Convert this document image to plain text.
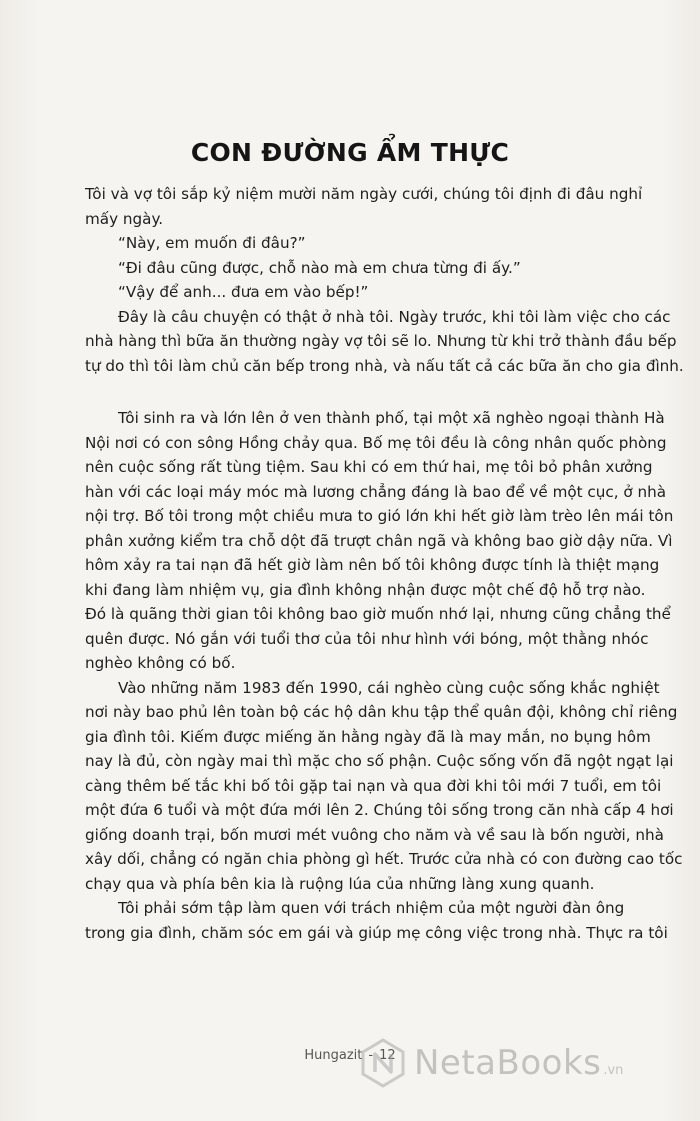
CON ĐƯỜNG ẨM THỰC
Tôi và vợ tôi sắp kỷ niệm mười năm ngày cưới, chúng tôi định đi đâu nghỉ
mấy ngày.
“Này, em muốn đi đâu?”
“Đi đâu cũng được, chỗ nào mà em chưa từng đi ấy.”
“Vậy để anh... đưa em vào bếp!”
Đây là câu chuyện có thật ở nhà tôi. Ngày trước, khi tôi làm việc cho các
nhà hàng thì bữa ăn thường ngày vợ tôi sẽ lo. Nhưng từ khi trở thành đầu bếp
tự do thì tôi làm chủ căn bếp trong nhà, và nấu tất cả các bữa ăn cho gia đình.
Tôi sinh ra và lớn lên ở ven thành phố, tại một xã nghèo ngoại thành Hà
Nội nơi có con sông Hồng chảy qua. Bố mẹ tôi đều là công nhân quốc phòng
nên cuộc sống rất tùng tiệm. Sau khi có em thứ hai, mẹ tôi bỏ phân xưởng
hàn với các loại máy móc mà lương chẳng đáng là bao để về một cục, ở nhà
nội trợ. Bố tôi trong một chiều mưa to gió lớn khi hết giờ làm trèo lên mái tôn
phân xưởng kiểm tra chỗ dột đã trượt chân ngã và không bao giờ dậy nữa. Vì
hôm xảy ra tai nạn đã hết giờ làm nên bố tôi không được tính là thiệt mạng
khi đang làm nhiệm vụ, gia đình không nhận được một chế độ hỗ trợ nào.
Đó là quãng thời gian tôi không bao giờ muốn nhớ lại, nhưng cũng chẳng thể
quên được. Nó gắn với tuổi thơ của tôi như hình với bóng, một thằng nhóc
nghèo không có bố.
Vào những năm 1983 đến 1990, cái nghèo cùng cuộc sống khắc nghiệt
nơi này bao phủ lên toàn bộ các hộ dân khu tập thể quân đội, không chỉ riêng
gia đình tôi. Kiếm được miếng ăn hằng ngày đã là may mắn, no bụng hôm
nay là đủ, còn ngày mai thì mặc cho số phận. Cuộc sống vốn đã ngột ngạt lại
càng thêm bế tắc khi bố tôi gặp tai nạn và qua đời khi tôi mới 7 tuổi, em tôi
một đứa 6 tuổi và một đứa mới lên 2. Chúng tôi sống trong căn nhà cấp 4 hơi
giống doanh trại, bốn mươi mét vuông cho năm và về sau là bốn người, nhà
xây dối, chẳng có ngăn chia phòng gì hết. Trước cửa nhà có con đường cao tốc
chạy qua và phía bên kia là ruộng lúa của những làng xung quanh.
Tôi phải sớm tập làm quen với trách nhiệm của một người đàn ông
trong gia đình, chăm sóc em gái và giúp mẹ công việc trong nhà. Thực ra tôi
Hungazit - 12 NetaBooks .vn
